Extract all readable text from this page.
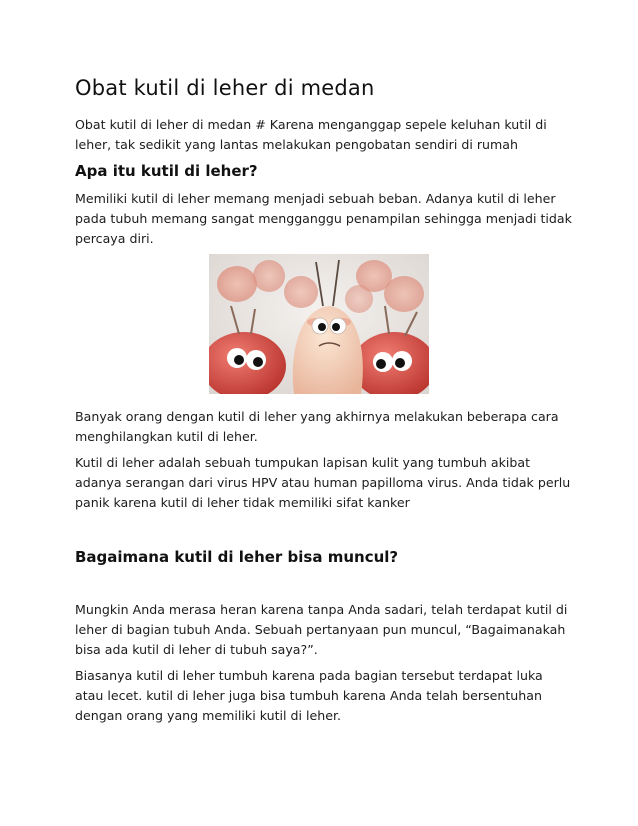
Obat kutil di leher di medan

Obat kutil di leher di medan # Karena menganggap sepele keluhan kutil di leher, tak sedikit yang lantas melakukan pengobatan sendiri di rumah

Apa itu kutil di leher?

Memiliki kutil di leher memang menjadi sebuah beban. Adanya kutil di leher pada tubuh memang sangat mengganggu penampilan sehingga menjadi tidak percaya diri.

Banyak orang dengan kutil di leher yang akhirnya melakukan beberapa cara menghilangkan kutil di leher.

Kutil di leher adalah sebuah tumpukan lapisan kulit yang tumbuh akibat adanya serangan dari virus HPV atau human papilloma virus. Anda tidak perlu panik karena kutil di leher tidak memiliki sifat kanker

Bagaimana kutil di leher bisa muncul?

Mungkin Anda merasa heran karena tanpa Anda sadari, telah terdapat kutil di leher di bagian tubuh Anda. Sebuah pertanyaan pun muncul, “Bagaimanakah bisa ada kutil di leher di tubuh saya?”.

Biasanya kutil di leher tumbuh karena pada bagian tersebut terdapat luka atau lecet. kutil di leher juga bisa tumbuh karena Anda telah bersentuhan dengan orang yang memiliki kutil di leher.
